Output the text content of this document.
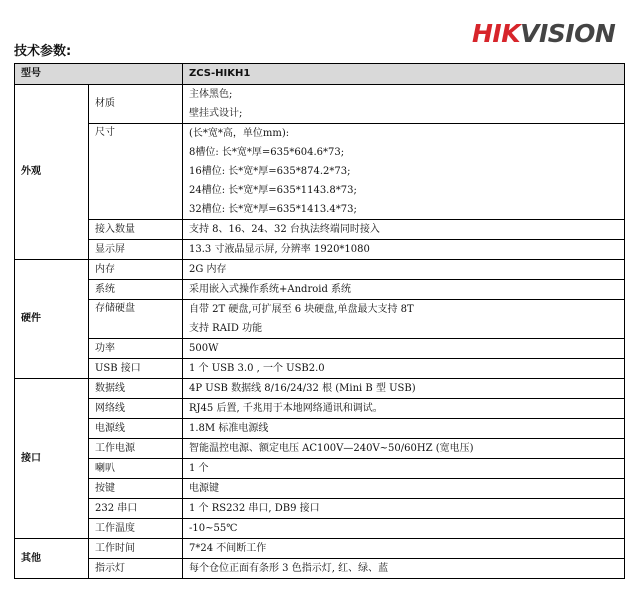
HIKVISION
技术参数:
型号		ZCS-HIKH1
外观	材质	主体黑色;
壁挂式设计;

	尺寸	(长*宽*高，单位mm):
8槽位: 长*宽*厚=635*604.6*73;
16槽位: 长*宽*厚=635*874.2*73;
24槽位: 长*宽*厚=635*1143.8*73;
32槽位: 长*宽*厚=635*1413.4*73;

	接入数量	支持 8、16、24、32 台执法终端同时接入

	显示屏	13.3 寸液晶显示屏, 分辨率 1920*1080

硬件	内存	2G 内存

	系统	采用嵌入式操作系统+Android 系统

	存储硬盘	自带 2T 硬盘,可扩展至 6 块硬盘,单盘最大支持 8T
支持 RAID 功能

	功率	500W

	USB 接口	1 个 USB 3.0 , 一个 USB2.0

接口	数据线	4P USB 数据线 8/16/24/32 根 (Mini B 型 USB)

	网络线	RJ45 后置, 千兆用于本地网络通讯和调试。

	电源线	1.8M 标准电源线

	工作电源	智能温控电源、额定电压 AC100V—240V~50/60HZ (宽电压)

	喇叭	1 个

	按键	电源键

	232 串口	1 个 RS232 串口, DB9 接口

	工作温度	-10~55℃

其他	工作时间	7*24 不间断工作

	指示灯	每个仓位正面有条形 3 色指示灯, 红、绿、蓝
